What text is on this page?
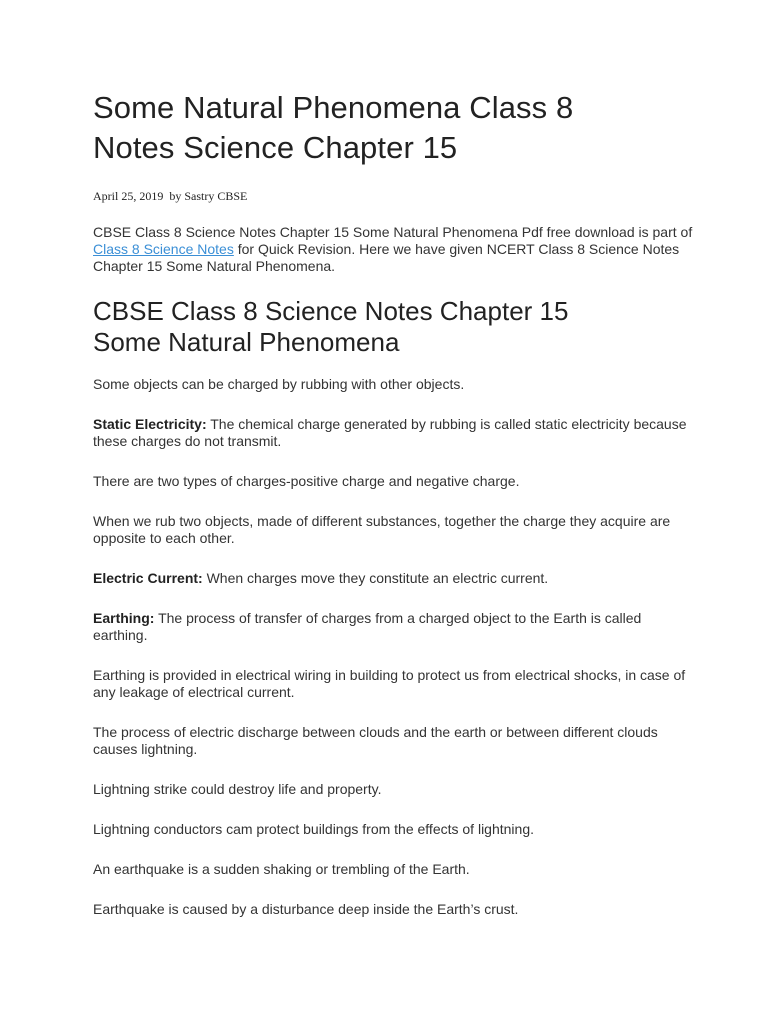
Some Natural Phenomena Class 8
Notes Science Chapter 15
April 25, 2019 by Sastry CBSE

CBSE Class 8 Science Notes Chapter 15 Some Natural Phenomena Pdf free download is part of Class 8 Science Notes for Quick Revision. Here we have given NCERT Class 8 Science Notes Chapter 15 Some Natural Phenomena.

CBSE Class 8 Science Notes Chapter 15
Some Natural Phenomena

Some objects can be charged by rubbing with other objects.

Static Electricity: The chemical charge generated by rubbing is called static electricity because these charges do not transmit.

There are two types of charges-positive charge and negative charge.

When we rub two objects, made of different substances, together the charge they acquire are opposite to each other.

Electric Current: When charges move they constitute an electric current.

Earthing: The process of transfer of charges from a charged object to the Earth is called earthing.

Earthing is provided in electrical wiring in building to protect us from electrical shocks, in case of any leakage of electrical current.

The process of electric discharge between clouds and the earth or between different clouds causes lightning.

Lightning strike could destroy life and property.

Lightning conductors cam protect buildings from the effects of lightning.

An earthquake is a sudden shaking or trembling of the Earth.

Earthquake is caused by a disturbance deep inside the Earth’s crust.
